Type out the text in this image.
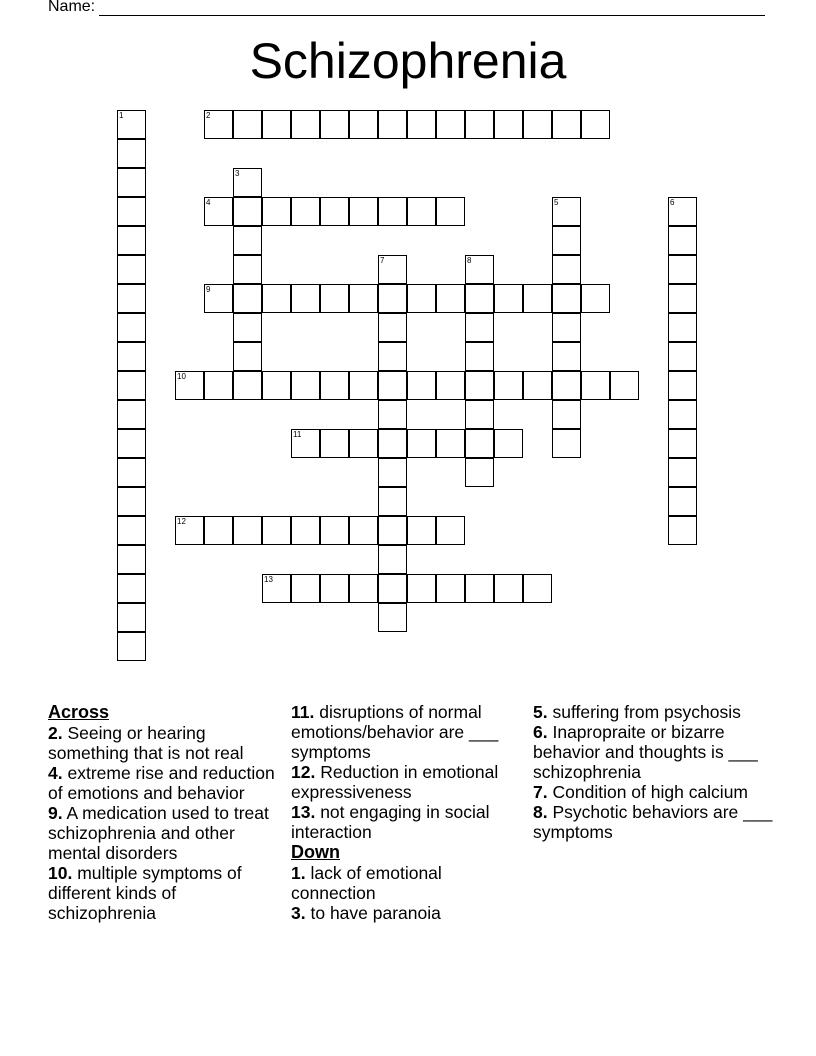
Name:
Schizophrenia
1	2
3
4	5	6
7	8
9
10
11
12
13
Across
2. Seeing or hearing something that is not real
4. extreme rise and reduction of emotions and behavior
9. A medication used to treat schizophrenia and other mental disorders
10. multiple symptoms of different kinds of schizophrenia
11. disruptions of normal emotions/behavior are ___ symptoms
12. Reduction in emotional expressiveness
13. not engaging in social interaction
Down
1. lack of emotional connection
3. to have paranoia
5. suffering from psychosis
6. Inapropraite or bizarre behavior and thoughts is ___ schizophrenia
7. Condition of high calcium
8. Psychotic behaviors are ___ symptoms
